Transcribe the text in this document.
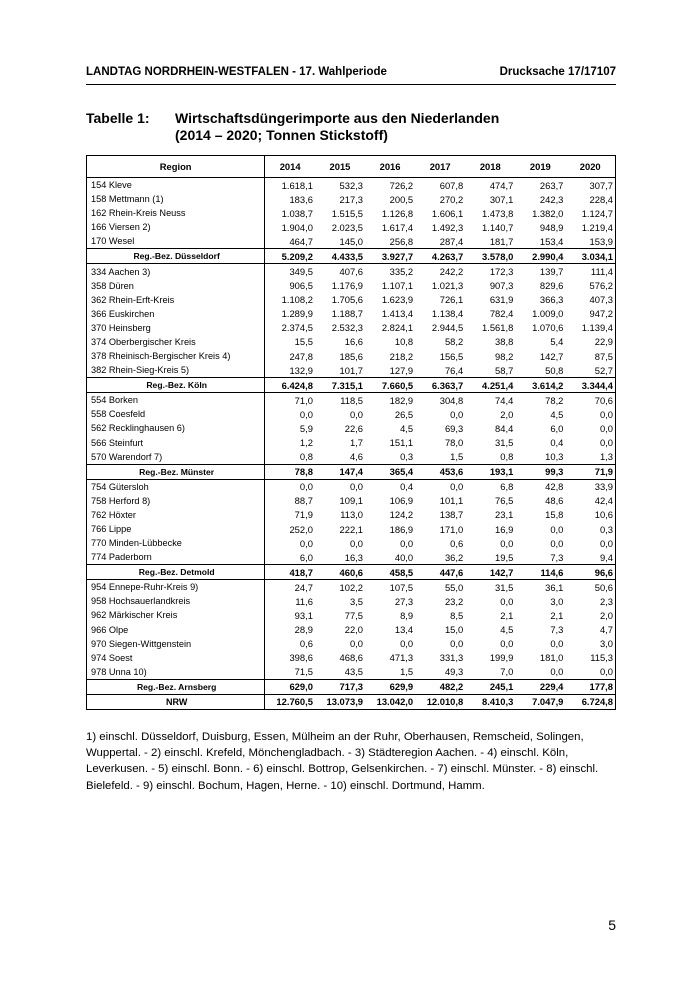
LANDTAG NORDRHEIN-WESTFALEN - 17. Wahlperiode	Drucksache 17/17107
Tabelle 1: Wirtschaftsdüngerimporte aus den Niederlanden
(2014 – 2020; Tonnen Stickstoff)
Region	2014	2015	2016	2017	2018	2019	2020
154 Kleve	1.618,1	532,3	726,2	607,8	474,7	263,7	307,7
158 Mettmann (1)	183,6	217,3	200,5	270,2	307,1	242,3	228,4
162 Rhein-Kreis Neuss	1.038,7	1.515,5	1.126,8	1.606,1	1.473,8	1.382,0	1.124,7
166 Viersen 2)	1.904,0	2.023,5	1.617,4	1.492,3	1.140,7	948,9	1.219,4
170 Wesel	464,7	145,0	256,8	287,4	181,7	153,4	153,9
Reg.-Bez. Düsseldorf	5.209,2	4.433,5	3.927,7	4.263,7	3.578,0	2.990,4	3.034,1
334 Aachen 3)	349,5	407,6	335,2	242,2	172,3	139,7	111,4
358 Düren	906,5	1.176,9	1.107,1	1.021,3	907,3	829,6	576,2
362 Rhein-Erft-Kreis	1.108,2	1.705,6	1.623,9	726,1	631,9	366,3	407,3
366 Euskirchen	1.289,9	1.188,7	1.413,4	1.138,4	782,4	1.009,0	947,2
370 Heinsberg	2.374,5	2.532,3	2.824,1	2.944,5	1.561,8	1.070,6	1.139,4
374 Oberbergischer Kreis	15,5	16,6	10,8	58,2	38,8	5,4	22,9
378 Rheinisch-Bergischer Kreis 4)	247,8	185,6	218,2	156,5	98,2	142,7	87,5
382 Rhein-Sieg-Kreis 5)	132,9	101,7	127,9	76,4	58,7	50,8	52,7
Reg.-Bez. Köln	6.424,8	7.315,1	7.660,5	6.363,7	4.251,4	3.614,2	3.344,4
554 Borken	71,0	118,5	182,9	304,8	74,4	78,2	70,6
558 Coesfeld	0,0	0,0	26,5	0,0	2,0	4,5	0,0
562 Recklinghausen 6)	5,9	22,6	4,5	69,3	84,4	6,0	0,0
566 Steinfurt	1,2	1,7	151,1	78,0	31,5	0,4	0,0
570 Warendorf 7)	0,8	4,6	0,3	1,5	0,8	10,3	1,3
Reg.-Bez. Münster	78,8	147,4	365,4	453,6	193,1	99,3	71,9
754 Gütersloh	0,0	0,0	0,4	0,0	6,8	42,8	33,9
758 Herford 8)	88,7	109,1	106,9	101,1	76,5	48,6	42,4
762 Höxter	71,9	113,0	124,2	138,7	23,1	15,8	10,6
766 Lippe	252,0	222,1	186,9	171,0	16,9	0,0	0,3
770 Minden-Lübbecke	0,0	0,0	0,0	0,6	0,0	0,0	0,0
774 Paderborn	6,0	16,3	40,0	36,2	19,5	7,3	9,4
Reg.-Bez. Detmold	418,7	460,6	458,5	447,6	142,7	114,6	96,6
954 Ennepe-Ruhr-Kreis 9)	24,7	102,2	107,5	55,0	31,5	36,1	50,6
958 Hochsauerlandkreis	11,6	3,5	27,3	23,2	0,0	3,0	2,3
962 Märkischer Kreis	93,1	77,5	8,9	8,5	2,1	2,1	2,0
966 Olpe	28,9	22,0	13,4	15,0	4,5	7,3	4,7
970 Siegen-Wittgenstein	0,6	0,0	0,0	0,0	0,0	0,0	3,0
974 Soest	398,6	468,6	471,3	331,3	199,9	181,0	115,3
978 Unna 10)	71,5	43,5	1,5	49,3	7,0	0,0	0,0
Reg.-Bez. Arnsberg	629,0	717,3	629,9	482,2	245,1	229,4	177,8
NRW	12.760,5	13.073,9	13.042,0	12.010,8	8.410,3	7.047,9	6.724,8
1) einschl. Düsseldorf, Duisburg, Essen, Mülheim an der Ruhr, Oberhausen, Remscheid, Solingen, Wuppertal. - 2) einschl. Krefeld, Mönchengladbach. - 3) Städteregion Aachen. - 4) einschl. Köln, Leverkusen. - 5) einschl. Bonn. - 6) einschl. Bottrop, Gelsenkirchen. - 7) einschl. Münster. - 8) einschl. Bielefeld. - 9) einschl. Bochum, Hagen, Herne. - 10) einschl. Dortmund, Hamm.
5
